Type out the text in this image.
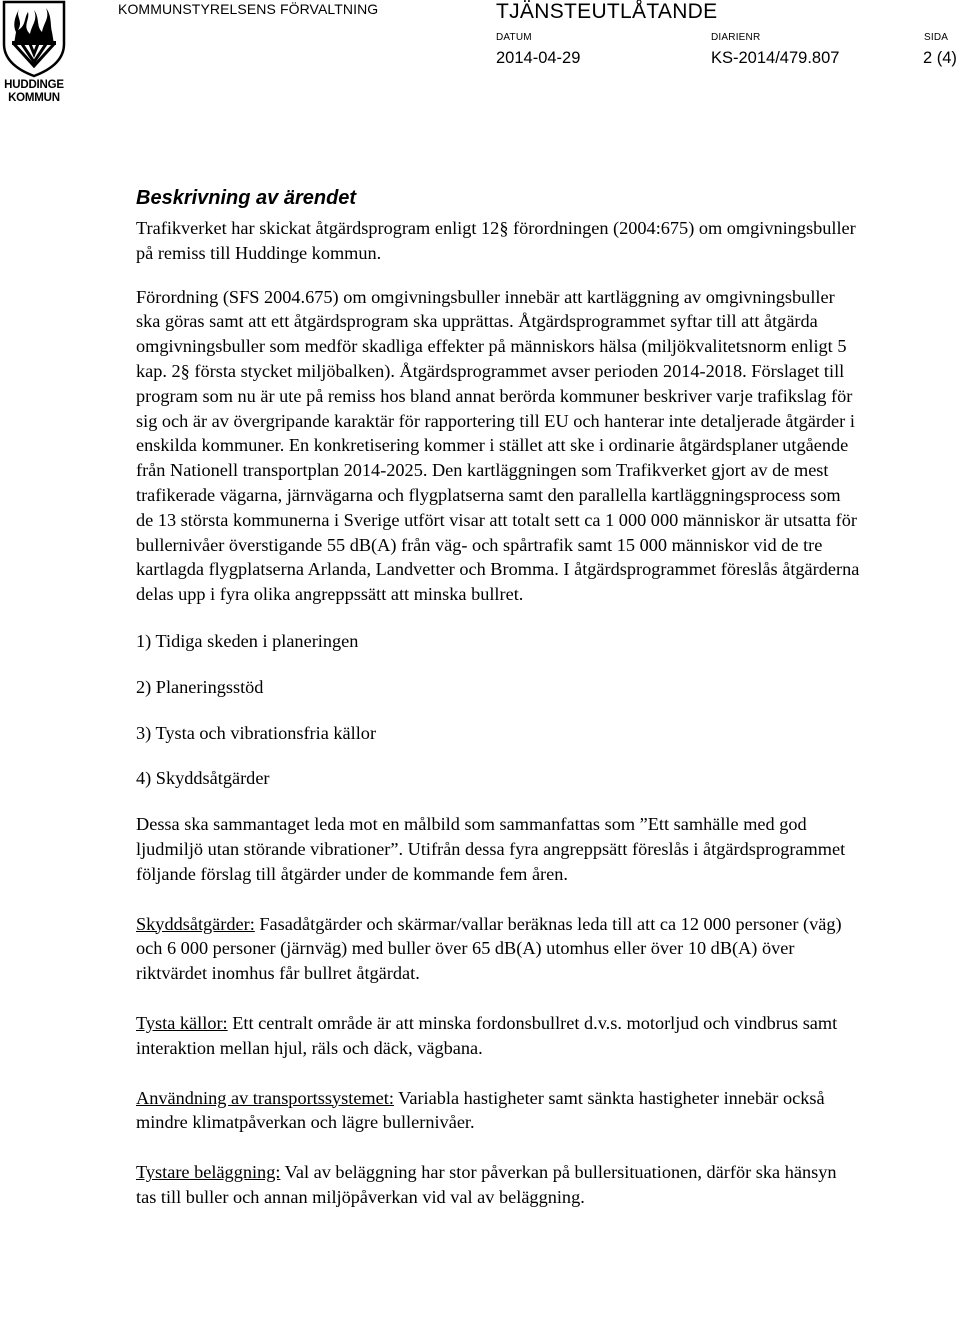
HUDDINGE
KOMMUN
KOMMUNSTYRELSENS FÖRVALTNING	TJÄNSTEUTLÅTANDE
DATUM	DIARIENR	SIDA
2014-04-29	KS-2014/479.807	2 (4)
Beskrivning av ärendet

Trafikverket har skickat åtgärdsprogram enligt 12§ förordningen (2004:675) om omgivningsbuller på remiss till Huddinge kommun.

Förordning (SFS 2004.675) om omgivningsbuller innebär att kartläggning av omgivningsbuller ska göras samt att ett åtgärdsprogram ska upprättas. Åtgärdsprogrammet syftar till att åtgärda omgivningsbuller som medför skadliga effekter på människors hälsa (miljökvalitetsnorm enligt 5 kap. 2§ första stycket miljöbalken). Åtgärdsprogrammet avser perioden 2014-2018. Förslaget till program som nu är ute på remiss hos bland annat berörda kommuner beskriver varje trafikslag för sig och är av övergripande karaktär för rapportering till EU och hanterar inte detaljerade åtgärder i enskilda kommuner. En konkretisering kommer i stället att ske i ordinarie åtgärdsplaner utgående från Nationell transportplan 2014-2025. Den kartläggningen som Trafikverket gjort av de mest trafikerade vägarna, järnvägarna och flygplatserna samt den parallella kartläggningsprocess som de 13 största kommunerna i Sverige utfört visar att totalt sett ca 1 000 000 människor är utsatta för bullernivåer överstigande 55 dB(A) från väg- och spårtrafik samt 15 000 människor vid de tre kartlagda flygplatserna Arlanda, Landvetter och Bromma. I åtgärdsprogrammet föreslås åtgärderna delas upp i fyra olika angreppssätt att minska bullret.

1) Tidiga skeden i planeringen

2) Planeringsstöd

3) Tysta och vibrationsfria källor

4) Skyddsåtgärder

Dessa ska sammantaget leda mot en målbild som sammanfattas som ”Ett samhälle med god ljudmiljö utan störande vibrationer”. Utifrån dessa fyra angreppsätt föreslås i åtgärdsprogrammet följande förslag till åtgärder under de kommande fem åren.

Skyddsåtgärder: Fasadåtgärder och skärmar/vallar beräknas leda till att ca 12 000 personer (väg) och 6 000 personer (järnväg) med buller över 65 dB(A) utomhus eller över 10 dB(A) över riktvärdet inomhus får bullret åtgärdat.

Tysta källor: Ett centralt område är att minska fordonsbullret d.v.s. motorljud och vindbrus samt interaktion mellan hjul, räls och däck, vägbana.

Användning av transportssystemet: Variabla hastigheter samt sänkta hastigheter innebär också mindre klimatpåverkan och lägre bullernivåer.

Tystare beläggning: Val av beläggning har stor påverkan på bullersituationen, därför ska hänsyn tas till buller och annan miljöpåverkan vid val av beläggning.
